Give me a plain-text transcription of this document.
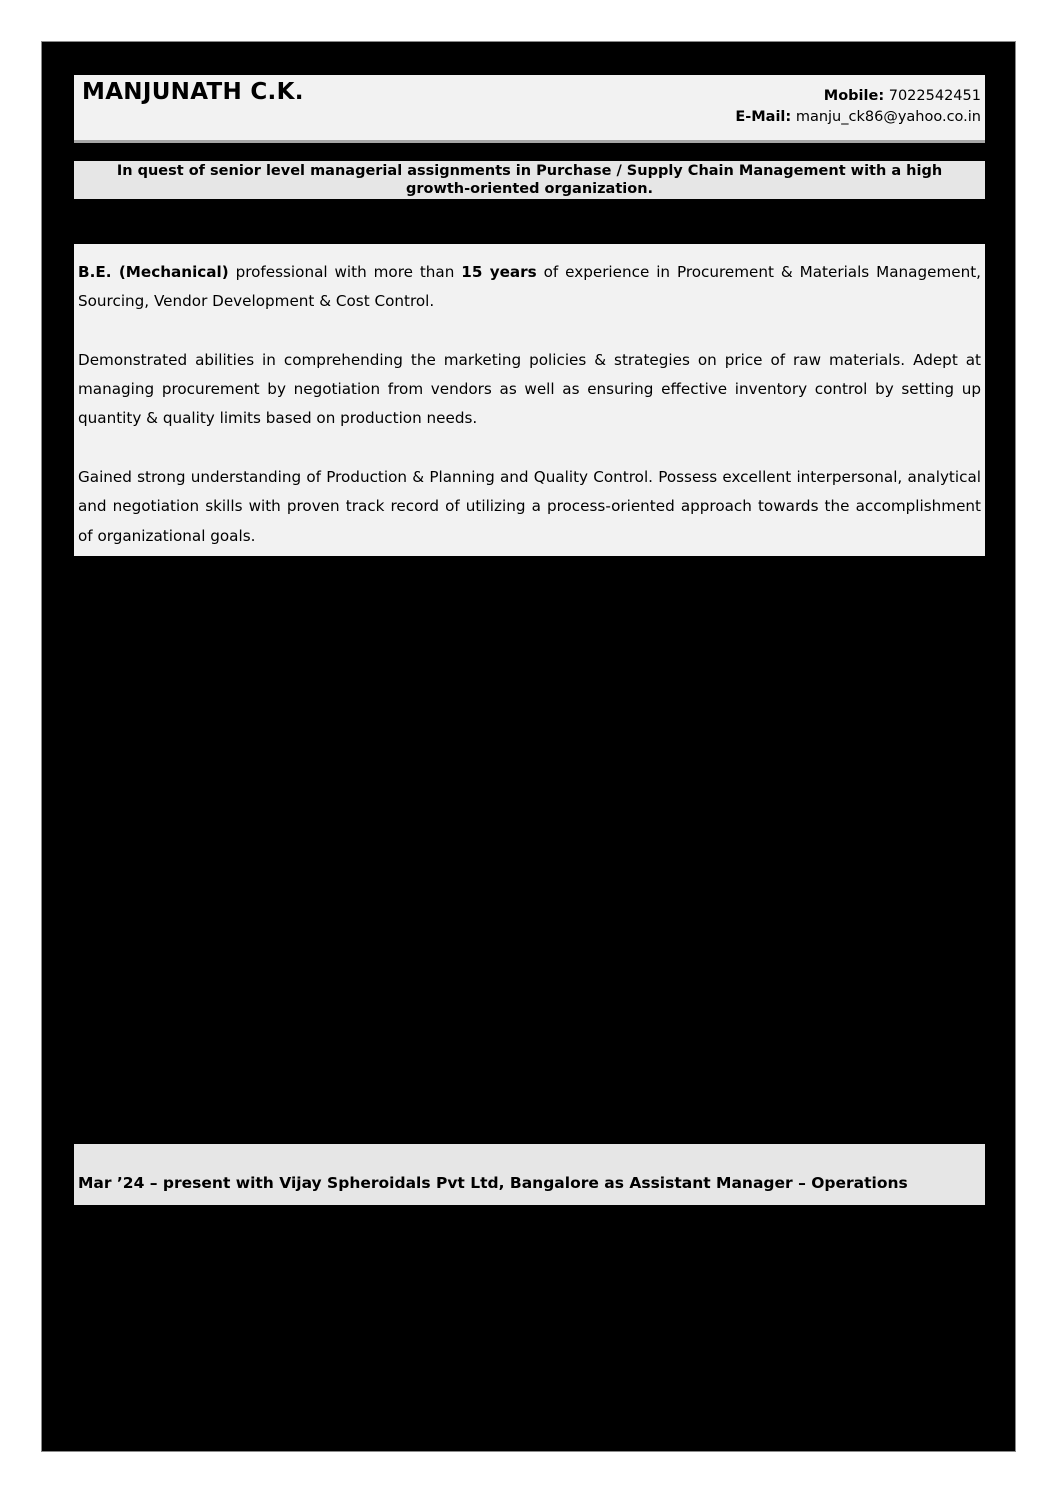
MANJUNATH C.K.	Mobile: 7022542451
E-Mail: manju_ck86@yahoo.co.in
In quest of senior level managerial assignments in Purchase / Supply Chain Management with a high growth-oriented organization.

B.E. (Mechanical) professional with more than 15 years of experience in Procurement & Materials Management, Sourcing, Vendor Development & Cost Control.

Demonstrated abilities in comprehending the marketing policies & strategies on price of raw materials. Adept at managing procurement by negotiation from vendors as well as ensuring effective inventory control by setting up quantity & quality limits based on production needs.

Gained strong understanding of Production & Planning and Quality Control. Possess excellent interpersonal, analytical and negotiation skills with proven track record of utilizing a process-oriented approach towards the accomplishment of organizational goals.

Mar ’24 – present with Vijay Spheroidals Pvt Ltd, Bangalore as Assistant Manager – Operations
